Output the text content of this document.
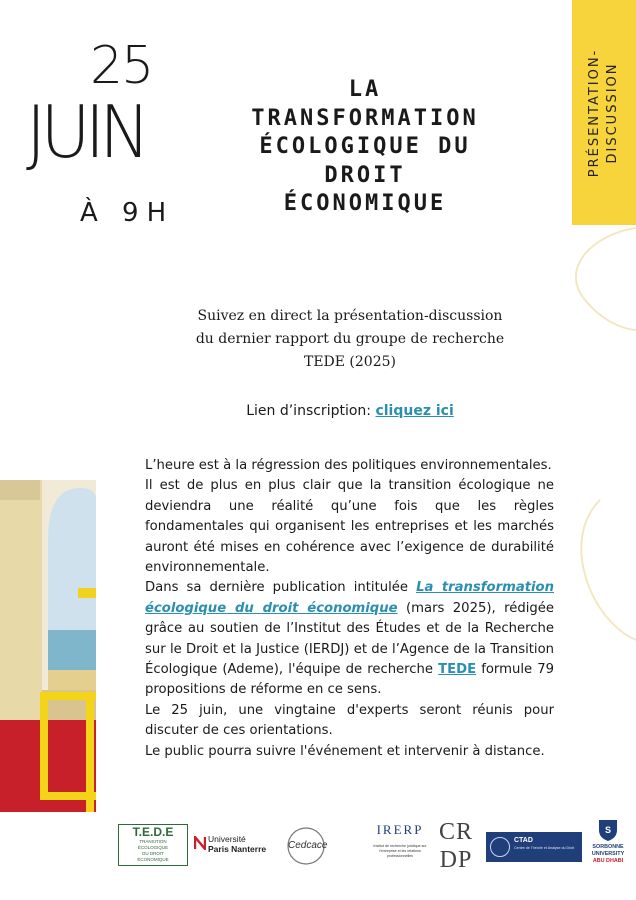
PRÉSENTATION- DISCUSSION
25
JUIN
À 9H
LA
TRANSFORMATION
ÉCOLOGIQUE DU
DROIT
ÉCONOMIQUE
Suivez en direct la présentation-discussion
du dernier rapport du groupe de recherche
TEDE (2025)
Lien d’inscription: cliquez ici

L’heure est à la régression des politiques environnementales.

Il est de plus en plus clair que la transition écologique ne deviendra une réalité qu’une fois que les règles fondamentales qui organisent les entreprises et les marchés auront été mises en cohérence avec l’exigence de durabilité environnementale.

Dans sa dernière publication intitulée La transformation écologique du droit économique (mars 2025), rédigée grâce au soutien de l’Institut des Études et de la Recherche sur le Droit et la Justice (IERDJ) et de l’Agence de la Transition Écologique (Ademe), l'équipe de recherche TEDE formule 79 propositions de réforme en ce sens.

Le 25 juin, une vingtaine d'experts seront réunis pour discuter de ces orientations.

Le public pourra suivre l'événement et intervenir à distance.

T.E.D.E
TRANSITION
ÉCOLOGIQUE
DU DROIT
ÉCONOMIQUE
Université
Paris Nanterre Cedcace
IRERP
Institut de recherche juridique sur l'entreprise et les relations professionnelles
CRDP
CTAD
Centre de Théorie et Analyse du Droit
S
SORBONNE
UNIVERSITY
ABU DHABI
